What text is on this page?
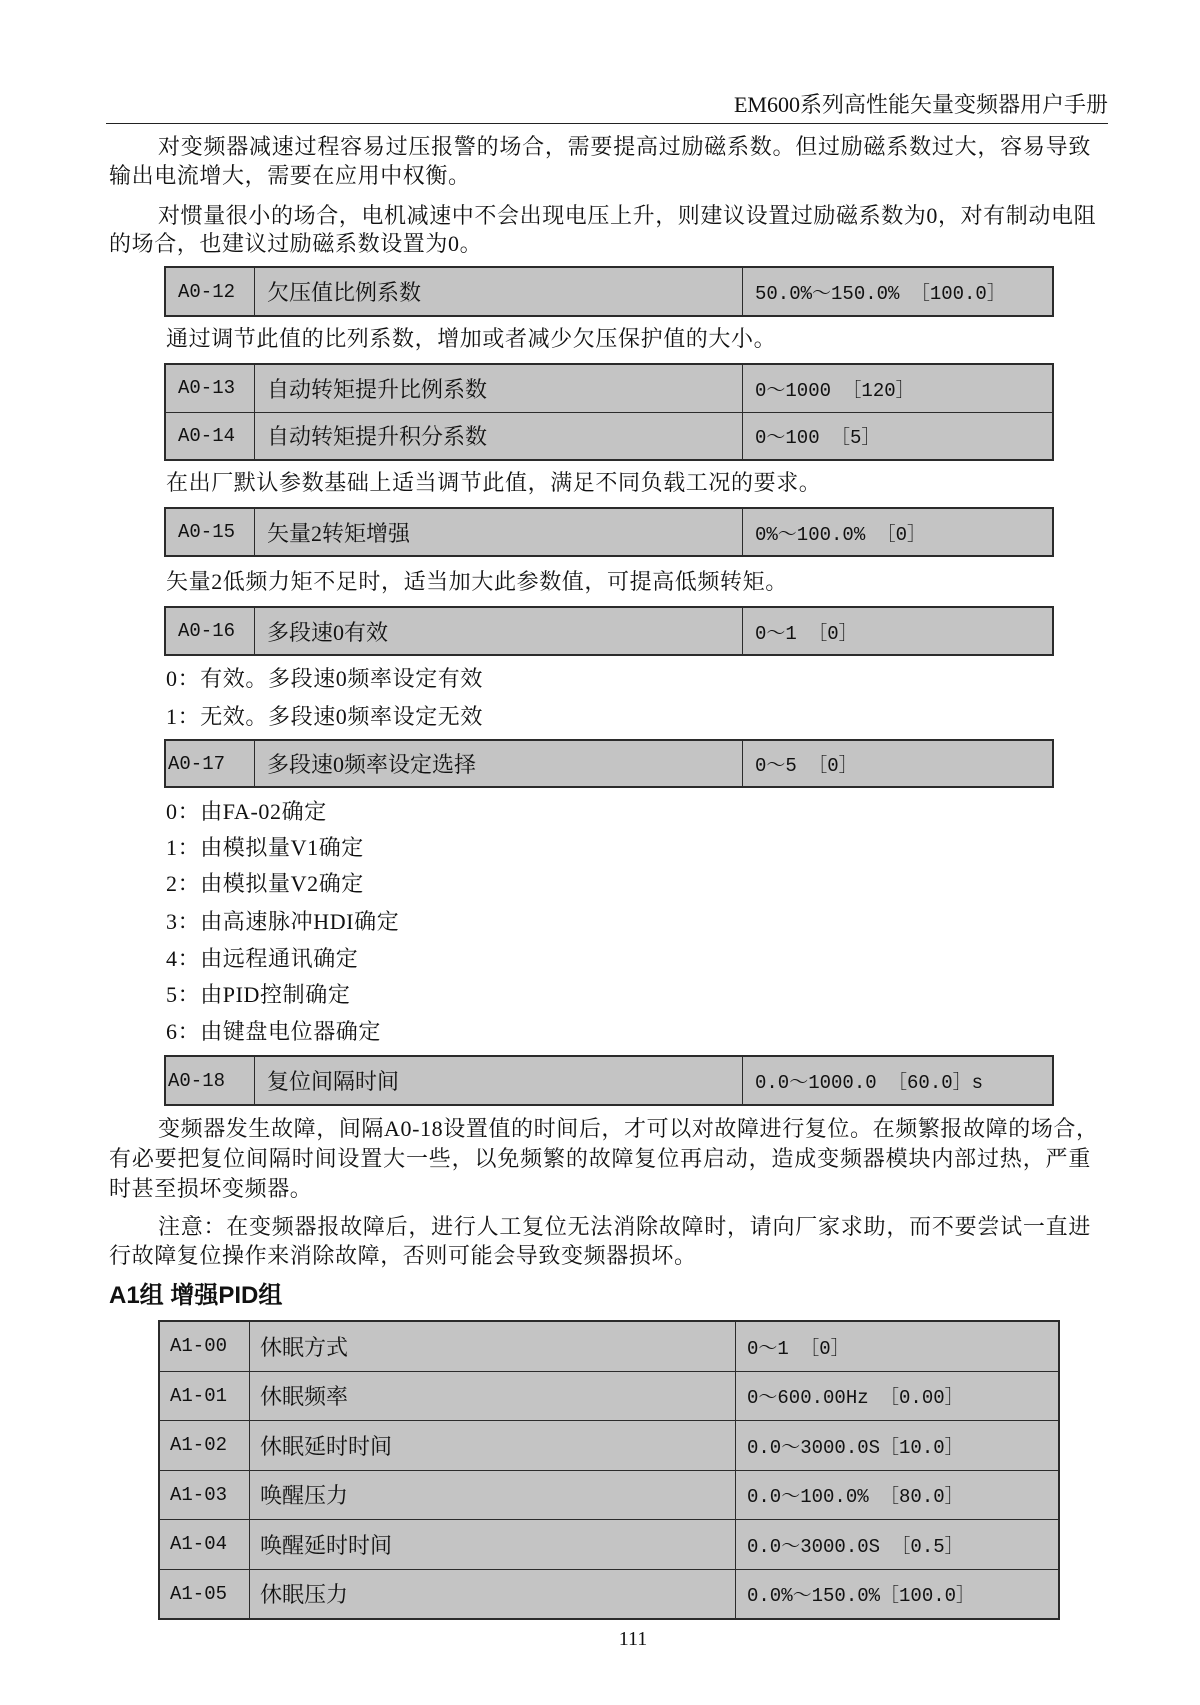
EM600系列高性能矢量变频器用户手册
对变频器减速过程容易过压报警的场合，需要提高过励磁系数。但过励磁系数过大，容易导致
输出电流增大，需要在应用中权衡。
对惯量很小的场合，电机减速中不会出现电压上升，则建议设置过励磁系数为0，对有制动电阻
的场合，也建议过励磁系数设置为0。
A0-12	欠压值比例系数	50.0%～150.0% ［100.0］
通过调节此值的比列系数，增加或者减少欠压保护值的大小。
A0-13	自动转矩提升比例系数	0～1000 ［120］
A0-14	自动转矩提升积分系数	0～100 ［5］
在出厂默认参数基础上适当调节此值，满足不同负载工况的要求。
A0-15	矢量2转矩增强	0%～100.0% ［0］
矢量2低频力矩不足时，适当加大此参数值，可提高低频转矩。
A0-16	多段速0有效	0～1 ［0］
0：有效。多段速0频率设定有效
1：无效。多段速0频率设定无效
A0-17	多段速0频率设定选择	0～5 ［0］
0：由FA-02确定
1：由模拟量V1确定
2：由模拟量V2确定
3：由高速脉冲HDI确定
4：由远程通讯确定
5：由PID控制确定
6：由键盘电位器确定
A0-18	复位间隔时间	0.0～1000.0 ［60.0］s
变频器发生故障，间隔A0-18设置值的时间后，才可以对故障进行复位。在频繁报故障的场合，
有必要把复位间隔时间设置大一些，以免频繁的故障复位再启动，造成变频器模块内部过热，严重
时甚至损坏变频器。
注意：在变频器报故障后，进行人工复位无法消除故障时，请向厂家求助，而不要尝试一直进
行故障复位操作来消除故障，否则可能会导致变频器损坏。
A1组 增强PID组
A1-00	休眠方式	0～1 ［0］
A1-01	休眠频率	0～600.00Hz ［0.00］
A1-02	休眠延时时间	0.0～3000.0S［10.0］
A1-03	唤醒压力	0.0～100.0% ［80.0］
A1-04	唤醒延时时间	0.0～3000.0S ［0.5］
A1-05	休眠压力	0.0%～150.0%［100.0］
111
